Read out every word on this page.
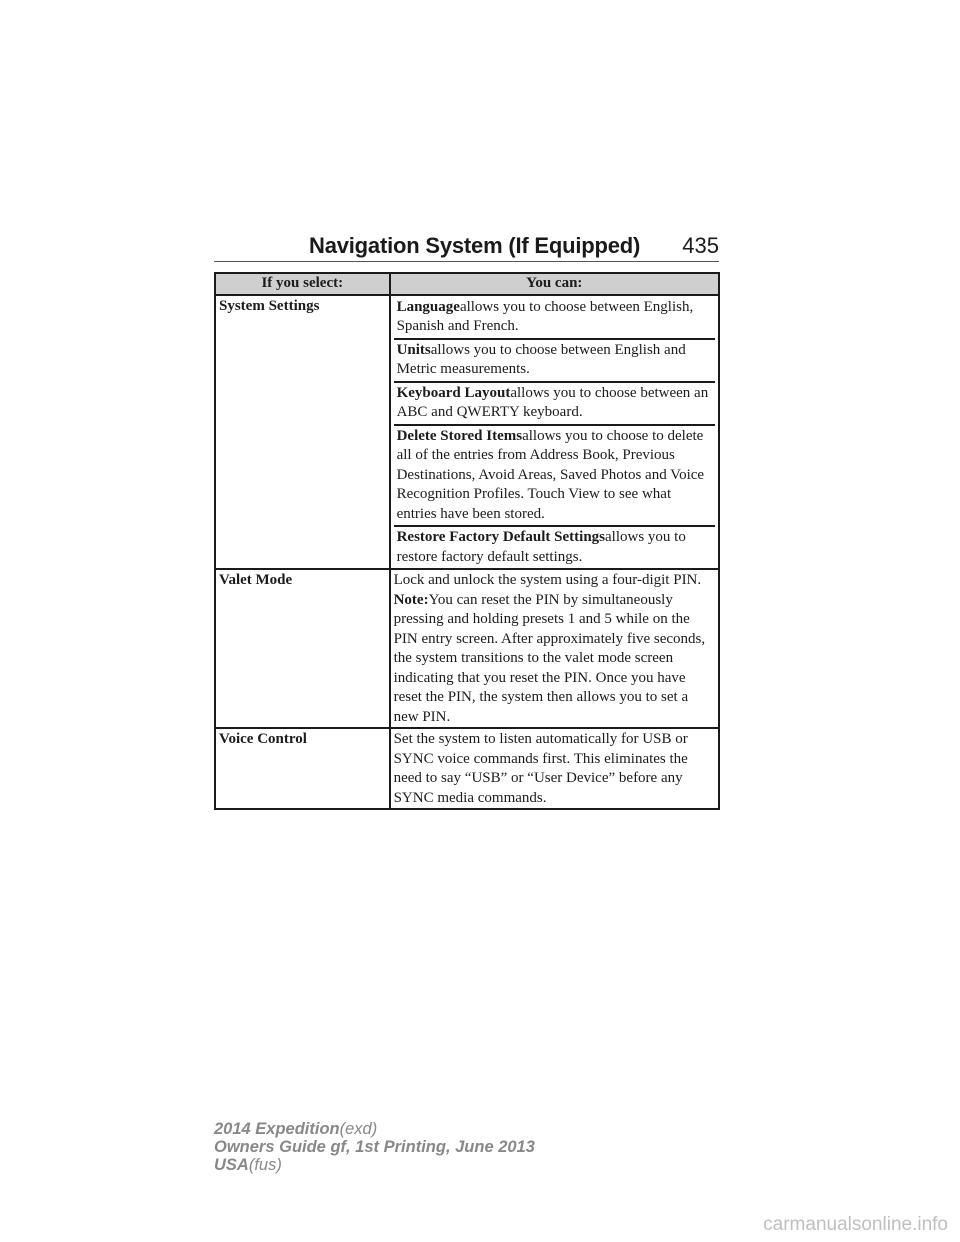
Navigation System (If Equipped) 435
If you select:	You can:
System Settings	Languageallows you to choose between English, Spanish and French.
Unitsallows you to choose between English and Metric measurements.
Keyboard Layoutallows you to choose between an ABC and QWERTY keyboard.
Delete Stored Itemsallows you to choose to delete all of the entries from Address Book, Previous Destinations, Avoid Areas, Saved Photos and Voice Recognition Profiles. Touch View to see what entries have been stored.
Restore Factory Default Settingsallows you to restore factory default settings.

Valet Mode	Lock and unlock the system using a four-digit PIN.
Note:You can reset the PIN by simultaneously pressing and holding presets 1 and 5 while on the PIN entry screen. After approximately five seconds, the system transitions to the valet mode screen indicating that you reset the PIN. Once you have reset the PIN, the system then allows you to set a new PIN.

Voice Control	Set the system to listen automatically for USB or SYNC voice commands first. This eliminates the need to say “USB” or “User Device” before any SYNC media commands.
2014 Expedition(exd)
Owners Guide gf, 1st Printing, June 2013
USA(fus)
carmanualsonline.info
